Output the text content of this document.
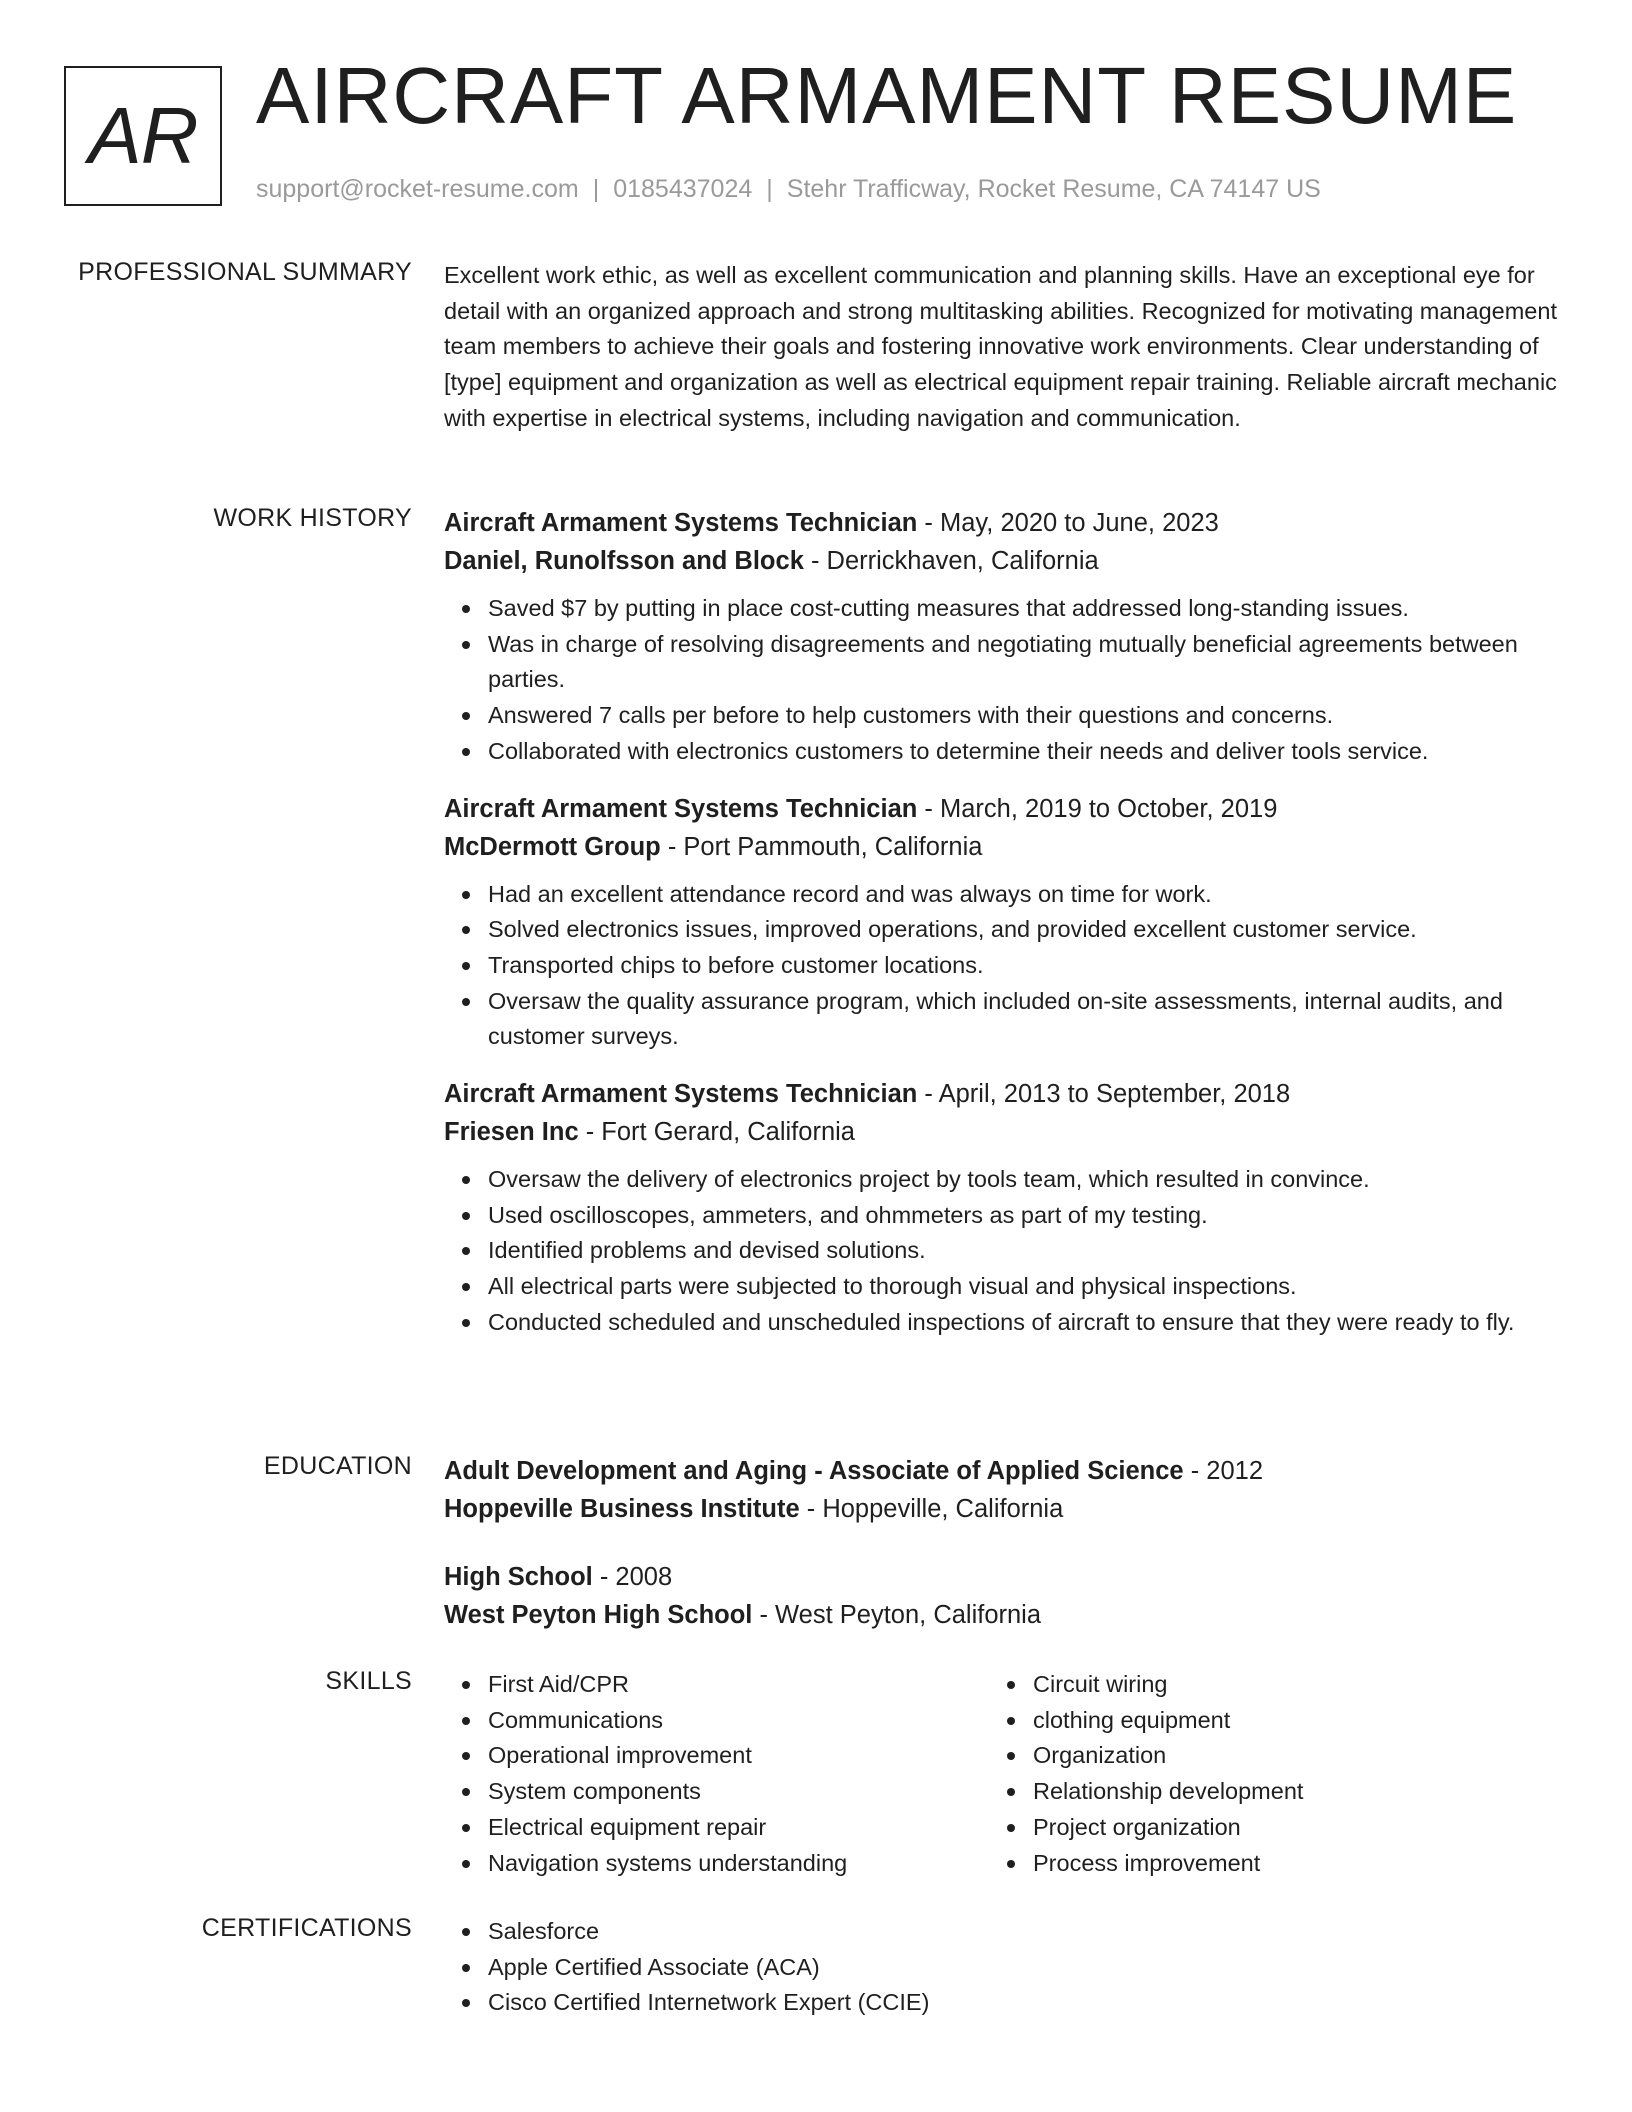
AR AIRCRAFT ARMAMENT RESUME
support@rocket-resume.com | 0185437024 | Stehr Trafficway, Rocket Resume, CA 74147 US
PROFESSIONAL SUMMARY Excellent work ethic, as well as excellent communication and planning skills. Have an exceptional eye for detail with an organized approach and strong multitasking abilities. Recognized for motivating management team members to achieve their goals and fostering innovative work environments. Clear understanding of [type] equipment and organization as well as electrical equipment repair training. Reliable aircraft mechanic with expertise in electrical systems, including navigation and communication.

WORK HISTORY Aircraft Armament Systems Technician - May, 2020 to June, 2023
Daniel, Runolfsson and Block - Derrickhaven, California
Saved $7 by putting in place cost-cutting measures that addressed long-standing issues.
Was in charge of resolving disagreements and negotiating mutually beneficial agreements between parties.
Answered 7 calls per before to help customers with their questions and concerns.
Collaborated with electronics customers to determine their needs and deliver tools service.
Aircraft Armament Systems Technician - March, 2019 to October, 2019
McDermott Group - Port Pammouth, California
Had an excellent attendance record and was always on time for work.
Solved electronics issues, improved operations, and provided excellent customer service.
Transported chips to before customer locations.
Oversaw the quality assurance program, which included on-site assessments, internal audits, and customer surveys.
Aircraft Armament Systems Technician - April, 2013 to September, 2018
Friesen Inc - Fort Gerard, California
Oversaw the delivery of electronics project by tools team, which resulted in convince.
Used oscilloscopes, ammeters, and ohmmeters as part of my testing.
Identified problems and devised solutions.
All electrical parts were subjected to thorough visual and physical inspections.
Conducted scheduled and unscheduled inspections of aircraft to ensure that they were ready to fly.
EDUCATION Adult Development and Aging - Associate of Applied Science - 2012
Hoppeville Business Institute - Hoppeville, California
High School - 2008
West Peyton High School - West Peyton, California
SKILLS	First Aid/CPR
Communications
Operational improvement
System components
Electrical equipment repair
Navigation systems understanding
Circuit wiring
clothing equipment
Organization
Relationship development
Project organization
Process improvement
CERTIFICATIONS	Salesforce
Apple Certified Associate (ACA)
Cisco Certified Internetwork Expert (CCIE)
